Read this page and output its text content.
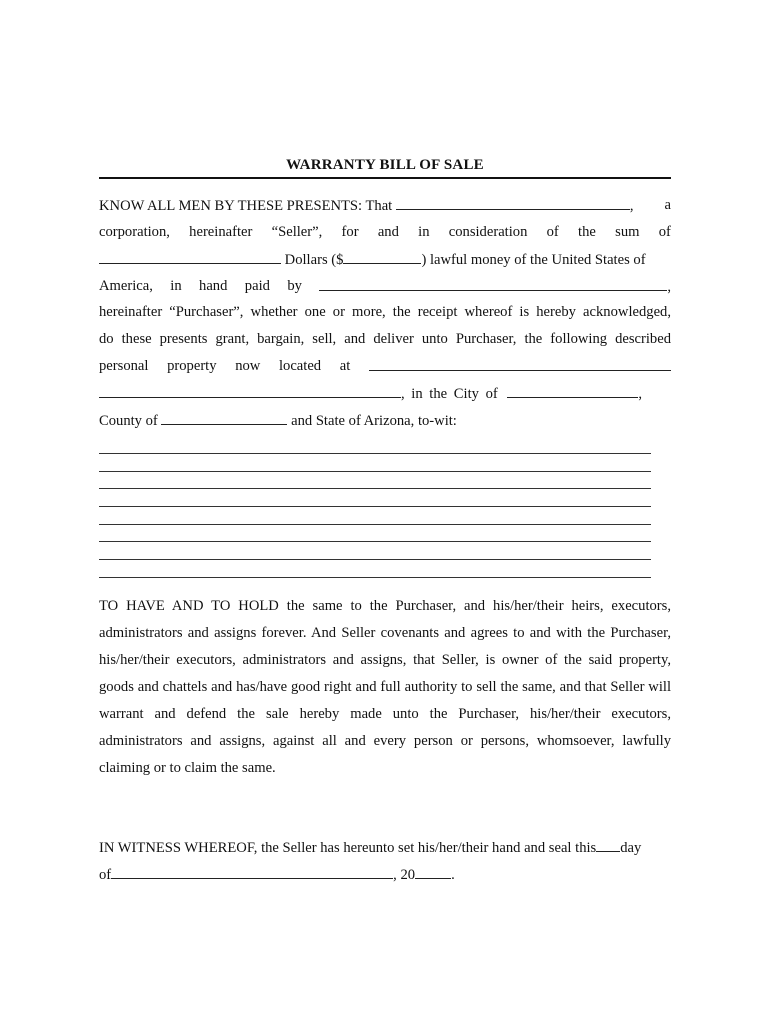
WARRANTY BILL OF SALE
KNOW ALL MEN BY THESE PRESENTS: That	, a
corporation, hereinafter “Seller”, for and in consideration of the sum of
Dollars ($	) lawful money of the United States of
America, in hand paid by	,
hereinafter “Purchaser”, whether one or more, the receipt whereof is hereby acknowledged,
do these presents grant, bargain, sell, and deliver unto Purchaser, the following described
personal property now located at
, in the City of	,
County of	and State of Arizona, to-wit:
TO HAVE AND TO HOLD the same to the Purchaser, and his/her/their heirs, executors, administrators and assigns forever. And Seller covenants and agrees to and with the Purchaser, his/her/their executors, administrators and assigns, that Seller, is owner of the said property, goods and chattels and has/have good right and full authority to sell the same, and that Seller will warrant and defend the sale hereby made unto the Purchaser, his/her/their executors, administrators and assigns, against all and every person or persons, whomsoever, lawfully claiming or to claim the same.
IN WITNESS WHEREOF, the Seller has hereunto set his/her/their hand and seal this day
of	, 20 .
